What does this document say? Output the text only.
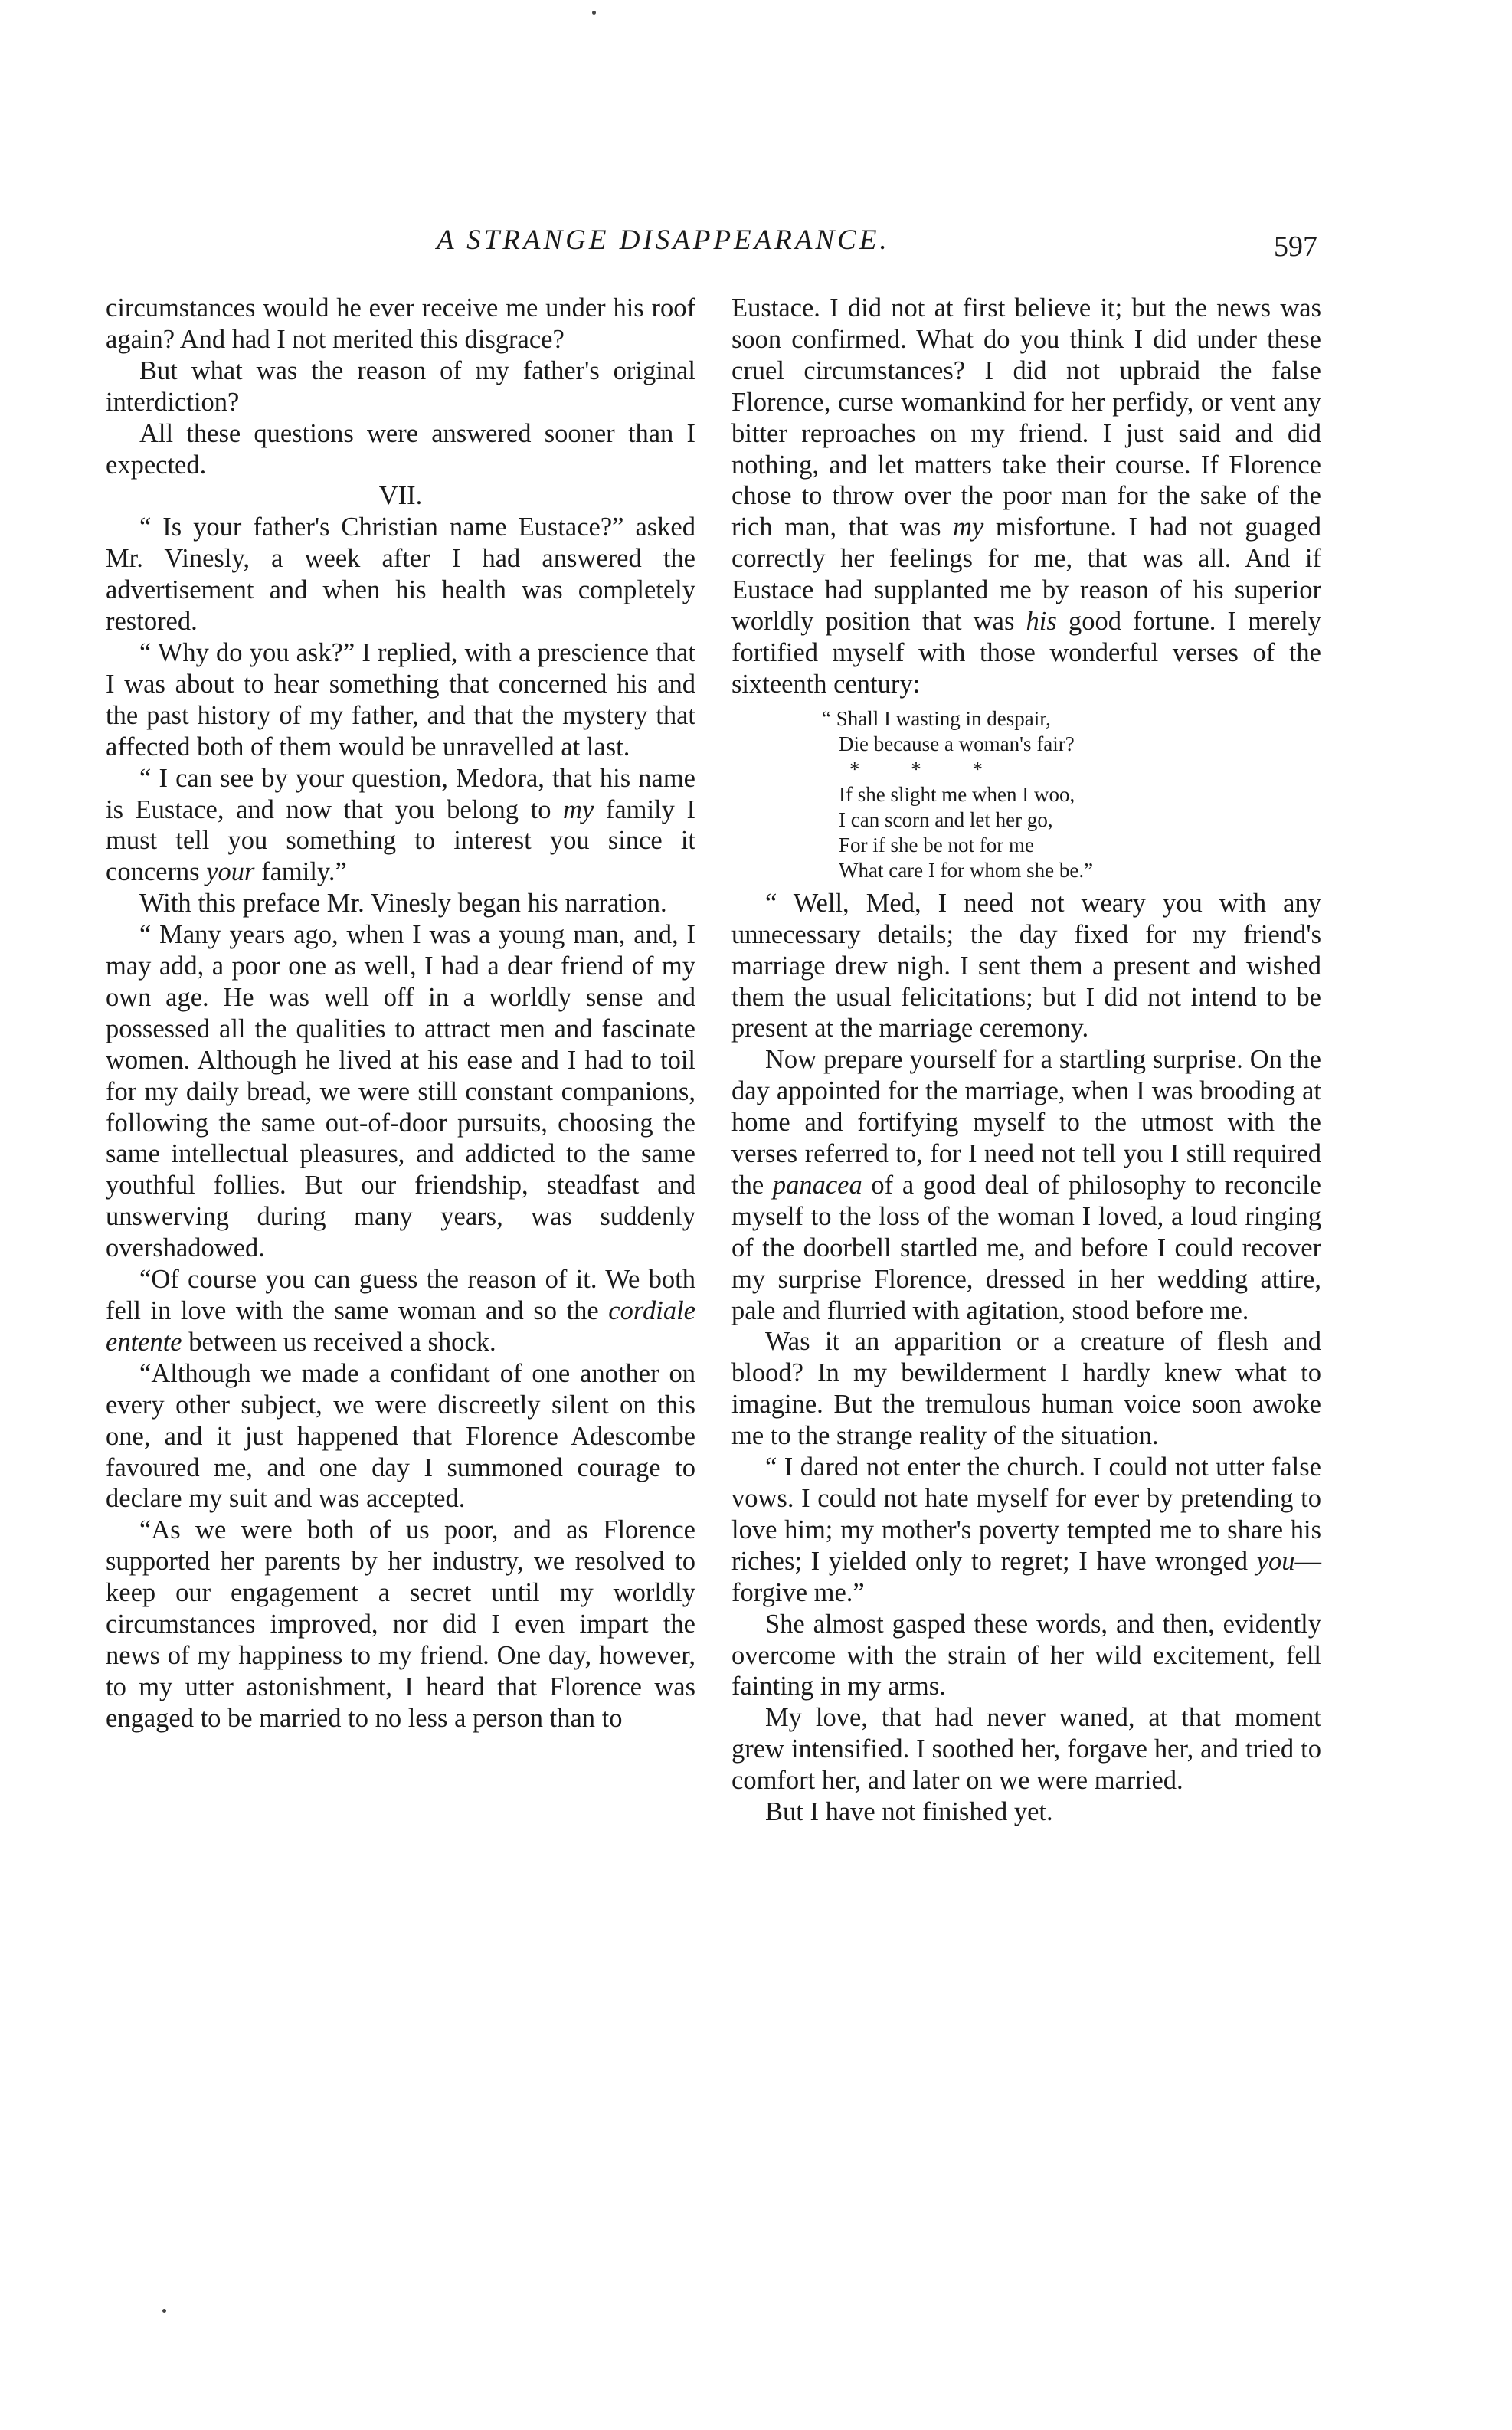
A STRANGE DISAPPEARANCE.	597

circumstances would he ever receive me under his roof again? And had I not merited this disgrace?

But what was the reason of my father's original interdiction?

All these questions were answered sooner than I expected.

VII.

“ Is your father's Christian name Eustace?” asked Mr. Vinesly, a week after I had answered the advertisement and when his health was completely restored.

“ Why do you ask?” I replied, with a prescience that I was about to hear something that concerned his and the past history of my father, and that the mystery that affected both of them would be unravelled at last.

“ I can see by your question, Medora, that his name is Eustace, and now that you belong to my family I must tell you something to interest you since it concerns your family.”

With this preface Mr. Vinesly began his narration.

“ Many years ago, when I was a young man, and, I may add, a poor one as well, I had a dear friend of my own age. He was well off in a worldly sense and possessed all the qualities to attract men and fascinate women. Although he lived at his ease and I had to toil for my daily bread, we were still constant companions, following the same out-of-door pursuits, choosing the same intellectual pleasures, and addicted to the same youthful follies. But our friendship, steadfast and unswerving during many years, was suddenly overshadowed.

“Of course you can guess the reason of it. We both fell in love with the same woman and so the cordiale entente between us received a shock.

“Although we made a confidant of one another on every other subject, we were discreetly silent on this one, and it just happened that Florence Adescombe favoured me, and one day I summoned courage to declare my suit and was accepted.

“As we were both of us poor, and as Florence supported her parents by her industry, we resolved to keep our engagement a secret until my worldly circumstances improved, nor did I even impart the news of my happiness to my friend. One day, however, to my utter astonishment, I heard that Florence was engaged to be married to no less a person than to

Eustace. I did not at first believe it; but the news was soon confirmed. What do you think I did under these cruel circumstances? I did not upbraid the false Florence, curse womankind for her perfidy, or vent any bitter reproaches on my friend. I just said and did nothing, and let matters take their course. If Florence chose to throw over the poor man for the sake of the rich man, that was my misfortune. I had not guaged correctly her feelings for me, that was all. And if Eustace had supplanted me by reason of his superior worldly position that was his good fortune. I merely fortified myself with those wonderful verses of the sixteenth century:

“ Shall I wasting in despair,
Die because a woman's fair?
* * *
If she slight me when I woo,
I can scorn and let her go,
For if she be not for me
What care I for whom she be.”

“ Well, Med, I need not weary you with any unnecessary details; the day fixed for my friend's marriage drew nigh. I sent them a present and wished them the usual felicitations; but I did not intend to be present at the marriage ceremony.

Now prepare yourself for a startling surprise. On the day appointed for the marriage, when I was brooding at home and fortifying myself to the utmost with the verses referred to, for I need not tell you I still required the panacea of a good deal of philosophy to reconcile myself to the loss of the woman I loved, a loud ringing of the doorbell startled me, and before I could recover my surprise Florence, dressed in her wedding attire, pale and flurried with agitation, stood before me.

Was it an apparition or a creature of flesh and blood? In my bewilderment I hardly knew what to imagine. But the tremulous human voice soon awoke me to the strange reality of the situation.

“ I dared not enter the church. I could not utter false vows. I could not hate myself for ever by pretending to love him; my mother's poverty tempted me to share his riches; I yielded only to regret; I have wronged you—forgive me.”

She almost gasped these words, and then, evidently overcome with the strain of her wild excitement, fell fainting in my arms.

My love, that had never waned, at that moment grew intensified. I soothed her, forgave her, and tried to comfort her, and later on we were married.

But I have not finished yet.
